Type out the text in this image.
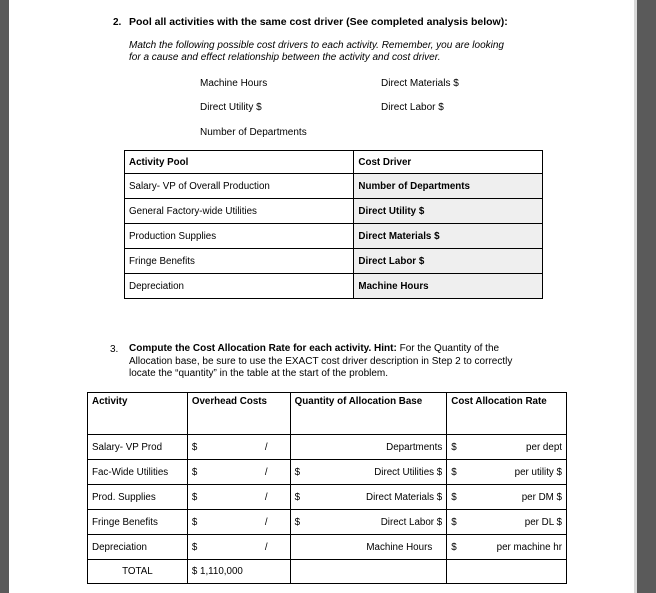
2. Pool all activities with the same cost driver (See completed analysis below):
Match the following possible cost drivers to each activity. Remember, you are looking
for a cause and effect relationship between the activity and cost driver.
Machine Hours	Direct Materials $
Direct Utility $	Direct Labor $
Number of Departments
Activity Pool	Cost Driver
Salary- VP of Overall Production	Number of Departments
General Factory-wide Utilities	Direct Utility $
Production Supplies	Direct Materials $
Fringe Benefits	Direct Labor $
Depreciation	Machine Hours
3. Compute the Cost Allocation Rate for each activity. Hint: For the Quantity of the
Allocation base, be sure to use the EXACT cost driver description in Step 2 to correctly
locate the “quantity” in the table at the start of the problem.
Activity	Overhead Costs	Quantity of Allocation Base	Cost Allocation Rate
Salary- VP Prod	$ /	Departments	$ per dept

Fac-Wide Utilities	$ /	$ Direct Utilities $	$ per utility $

Prod. Supplies	$ /	$ Direct Materials $	$ per DM $

Fringe Benefits	$ /	$ Direct Labor $	$ per DL $

Depreciation	$ /	Machine Hours	$ per machine hr

TOTAL	$ 1,110,000		
